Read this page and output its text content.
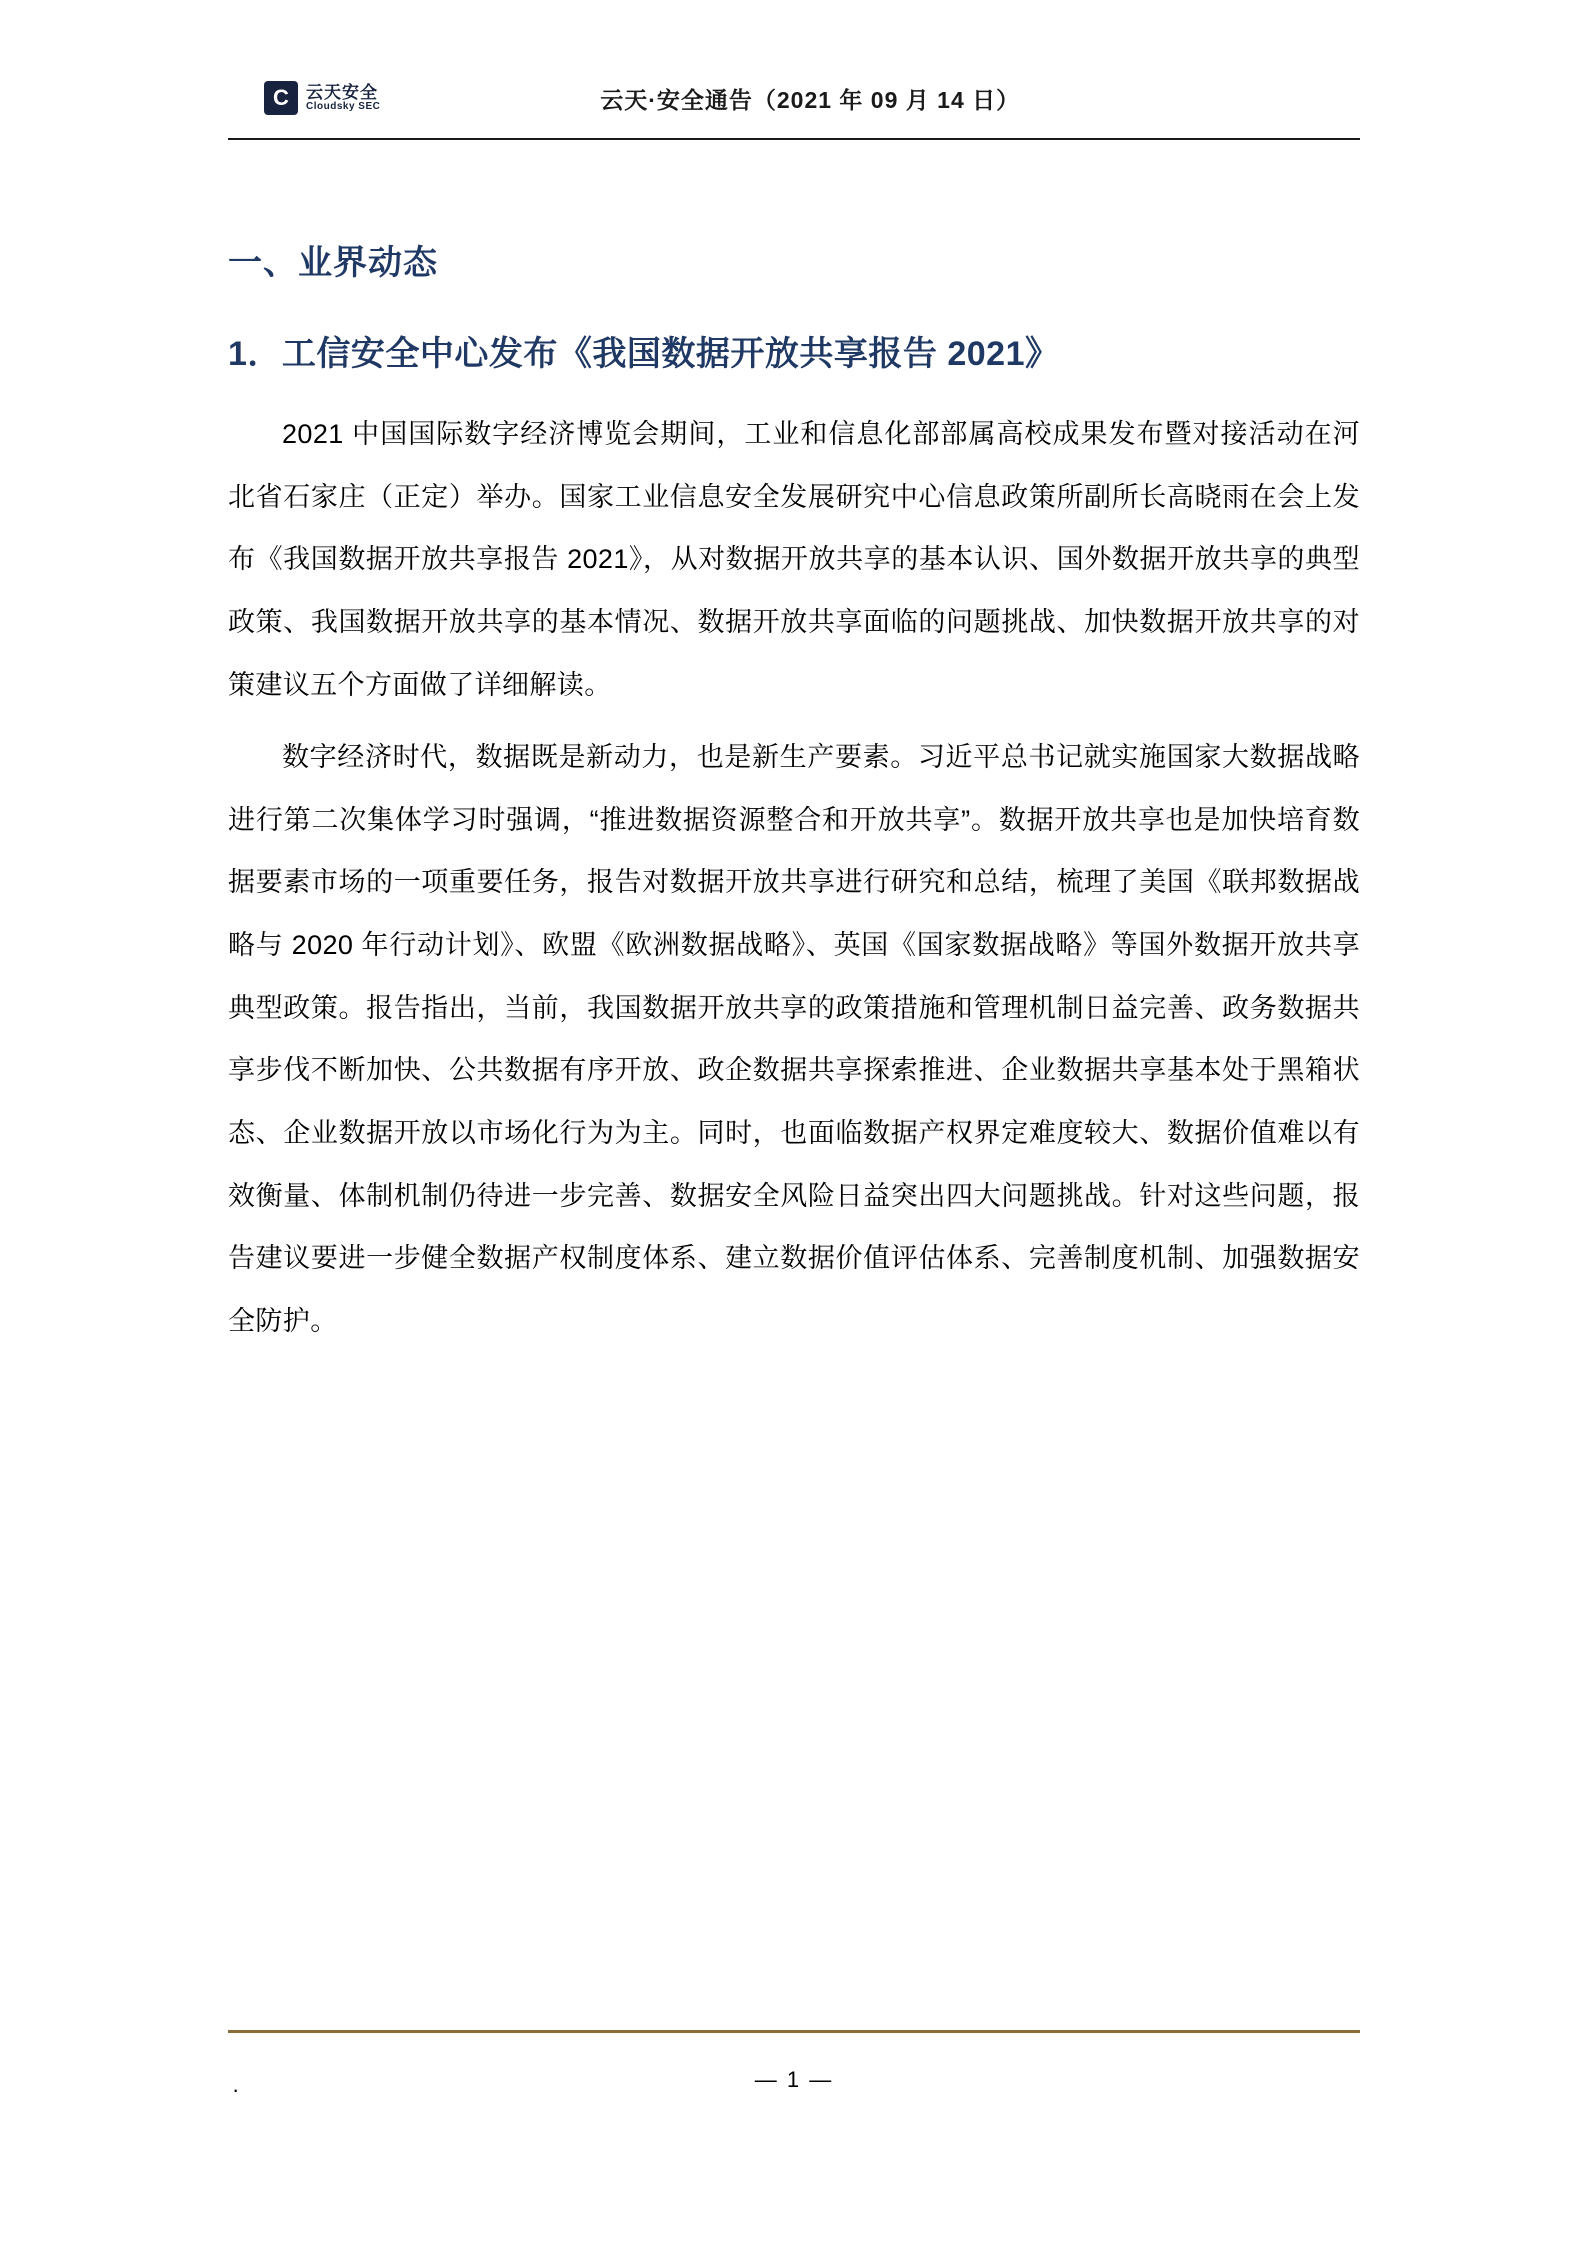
C	云天安全
Cloudsky SEC	云天·安全通告（2021 年 09 月 14 日）
一、业界动态
1．工信安全中心发布《我国数据开放共享报告 2021》

2021 中国国际数字经济博览会期间，工业和信息化部部属高校成果发布暨对接活动在河北省石家庄（正定）举办。国家工业信息安全发展研究中心信息政策所副所长高晓雨在会上发布《我国数据开放共享报告 2021》，从对数据开放共享的基本认识、国外数据开放共享的典型政策、我国数据开放共享的基本情况、数据开放共享面临的问题挑战、加快数据开放共享的对策建议五个方面做了详细解读。

数字经济时代，数据既是新动力，也是新生产要素。习近平总书记就实施国家大数据战略进行第二次集体学习时强调，“推进数据资源整合和开放共享”。数据开放共享也是加快培育数据要素市场的一项重要任务，报告对数据开放共享进行研究和总结，梳理了美国《联邦数据战略与 2020 年行动计划》、欧盟《欧洲数据战略》、英国《国家数据战略》等国外数据开放共享典型政策。报告指出，当前，我国数据开放共享的政策措施和管理机制日益完善、政务数据共享步伐不断加快、公共数据有序开放、政企数据共享探索推进、企业数据共享基本处于黑箱状态、企业数据开放以市场化行为为主。同时，也面临数据产权界定难度较大、数据价值难以有效衡量、体制机制仍待进一步完善、数据安全风险日益突出四大问题挑战。针对这些问题，报告建议要进一步健全数据产权制度体系、建立数据价值评估体系、完善制度机制、加强数据安全防护。

·	— 1 —
